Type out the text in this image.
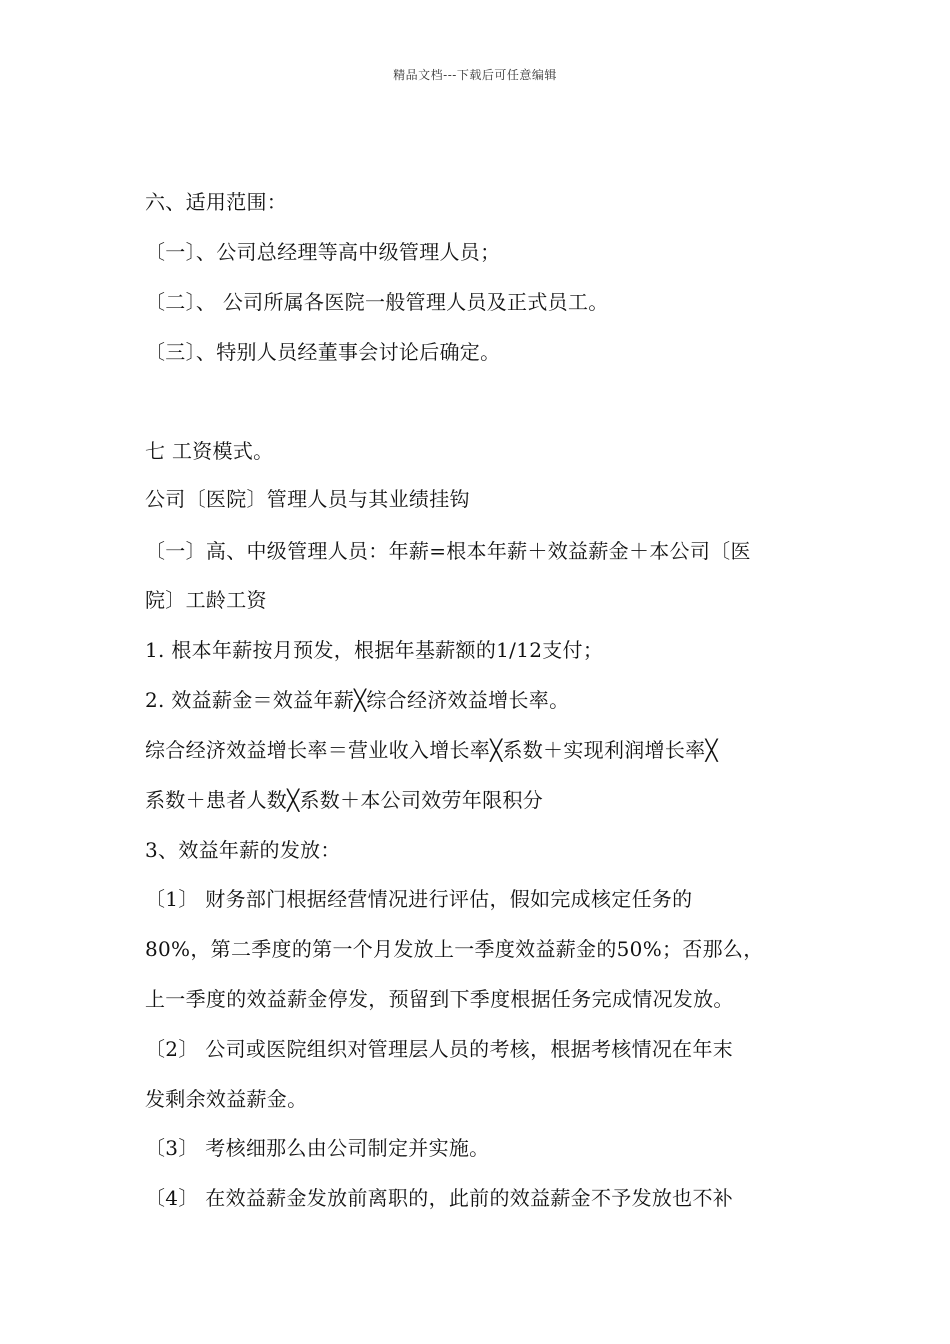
精品文档---下载后可任意编辑
六、适用范围：
〔一〕、公司总经理等高中级管理人员；
〔二〕、 公司所属各医院一般管理人员及正式员工。
〔三〕、特别人员经董事会讨论后确定。
七 工资模式。
公司〔医院〕管理人员与其业绩挂钩
〔一〕高、中级管理人员：年薪=根本年薪＋效益薪金＋本公司〔医
院〕工龄工资
1. 根本年薪按月预发，根据年基薪额的1/12支付；
2. 效益薪金＝效益年薪╳综合经济效益增长率。
综合经济效益增长率＝营业收入增长率╳系数＋实现利润增长率╳
系数＋患者人数╳系数＋本公司效劳年限积分
3、效益年薪的发放：
〔1〕 财务部门根据经营情况进行评估，假如完成核定任务的
80%，第二季度的第一个月发放上一季度效益薪金的50%；否那么，
上一季度的效益薪金停发，预留到下季度根据任务完成情况发放。
〔2〕 公司或医院组织对管理层人员的考核，根据考核情况在年末
发剩余效益薪金。
〔3〕 考核细那么由公司制定并实施。
〔4〕 在效益薪金发放前离职的，此前的效益薪金不予发放也不补
